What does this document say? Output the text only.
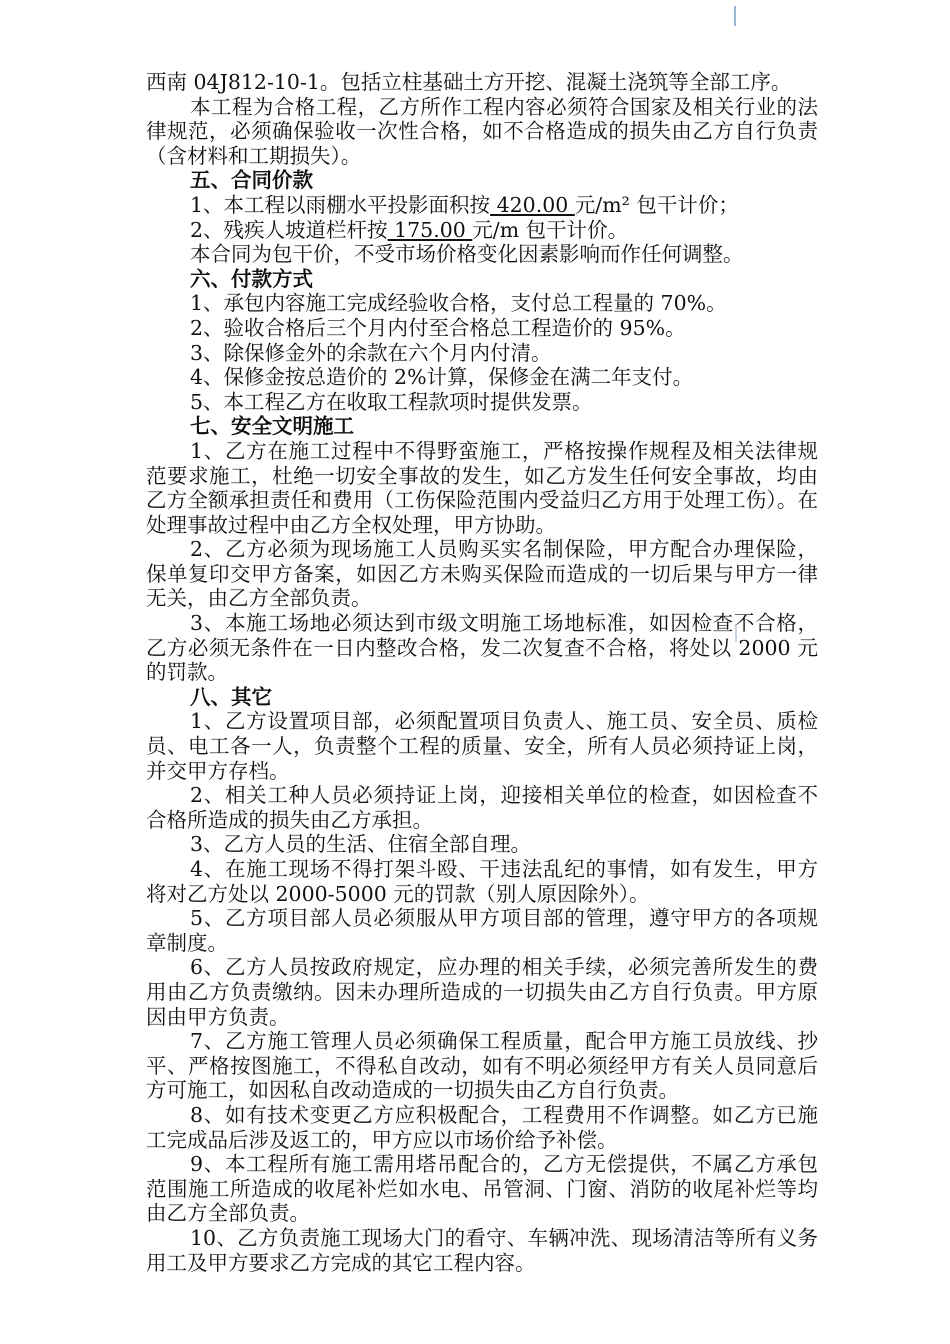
西南 04J812-10-1。包括立柱基础土方开挖、混凝土浇筑等全部工序。

本工程为合格工程，乙方所作工程内容必须符合国家及相关行业的法律规范，必须确保验收一次性合格，如不合格造成的损失由乙方自行负责（含材料和工期损失）。

五、合同价款

1、本工程以雨棚水平投影面积按 420.00 元/m² 包干计价；

2、残疾人坡道栏杆按 175.00 元/m 包干计价。

本合同为包干价，不受市场价格变化因素影响而作任何调整。

六、付款方式

1、承包内容施工完成经验收合格，支付总工程量的 70%。

2、验收合格后三个月内付至合格总工程造价的 95%。

3、除保修金外的余款在六个月内付清。

4、保修金按总造价的 2%计算，保修金在满二年支付。

5、本工程乙方在收取工程款项时提供发票。

七、安全文明施工

1、乙方在施工过程中不得野蛮施工，严格按操作规程及相关法律规范要求施工，杜绝一切安全事故的发生，如乙方发生任何安全事故，均由乙方全额承担责任和费用（工伤保险范围内受益归乙方用于处理工伤）。在处理事故过程中由乙方全权处理，甲方协助。

2、乙方必须为现场施工人员购买实名制保险，甲方配合办理保险，保单复印交甲方备案，如因乙方未购买保险而造成的一切后果与甲方一律无关，由乙方全部负责。

3、本施工场地必须达到市级文明施工场地标准，如因检查不合格，乙方必须无条件在一日内整改合格，发二次复查不合格，将处以 2000 元的罚款。

八、其它

1、乙方设置项目部，必须配置项目负责人、施工员、安全员、质检员、电工各一人，负责整个工程的质量、安全，所有人员必须持证上岗，并交甲方存档。

2、相关工种人员必须持证上岗，迎接相关单位的检查，如因检查不合格所造成的损失由乙方承担。

3、乙方人员的生活、住宿全部自理。

4、在施工现场不得打架斗殴、干违法乱纪的事情，如有发生，甲方将对乙方处以 2000-5000 元的罚款（别人原因除外）。

5、乙方项目部人员必须服从甲方项目部的管理，遵守甲方的各项规章制度。

6、乙方人员按政府规定，应办理的相关手续，必须完善所发生的费用由乙方负责缴纳。因未办理所造成的一切损失由乙方自行负责。甲方原因由甲方负责。

7、乙方施工管理人员必须确保工程质量，配合甲方施工员放线、抄平、严格按图施工，不得私自改动，如有不明必须经甲方有关人员同意后方可施工，如因私自改动造成的一切损失由乙方自行负责。

8、如有技术变更乙方应积极配合，工程费用不作调整。如乙方已施工完成品后涉及返工的，甲方应以市场价给予补偿。

9、本工程所有施工需用塔吊配合的，乙方无偿提供，不属乙方承包范围施工所造成的收尾补烂如水电、吊管洞、门窗、消防的收尾补烂等均由乙方全部负责。

10、乙方负责施工现场大门的看守、车辆冲洗、现场清洁等所有义务用工及甲方要求乙方完成的其它工程内容。
